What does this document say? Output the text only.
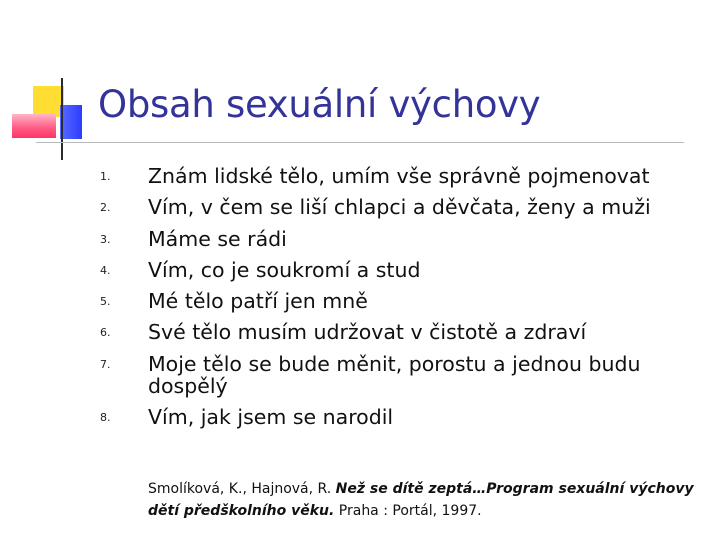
Obsah sexuální výchovy
1. Znám lidské tělo, umím vše správně pojmenovat
2. Vím, v čem se liší chlapci a děvčata, ženy a muži
3. Máme se rádi
4. Vím, co je soukromí a stud
5. Mé tělo patří jen mně
6. Své tělo musím udržovat v čistotě a zdraví
7. Moje tělo se bude měnit, porostu a jednou budu dospělý
8. Vím, jak jsem se narodil
Smolíková, K., Hajnová, R. Než se dítě zeptá…Program sexuální výchovy dětí předškolního věku. Praha : Portál, 1997.
